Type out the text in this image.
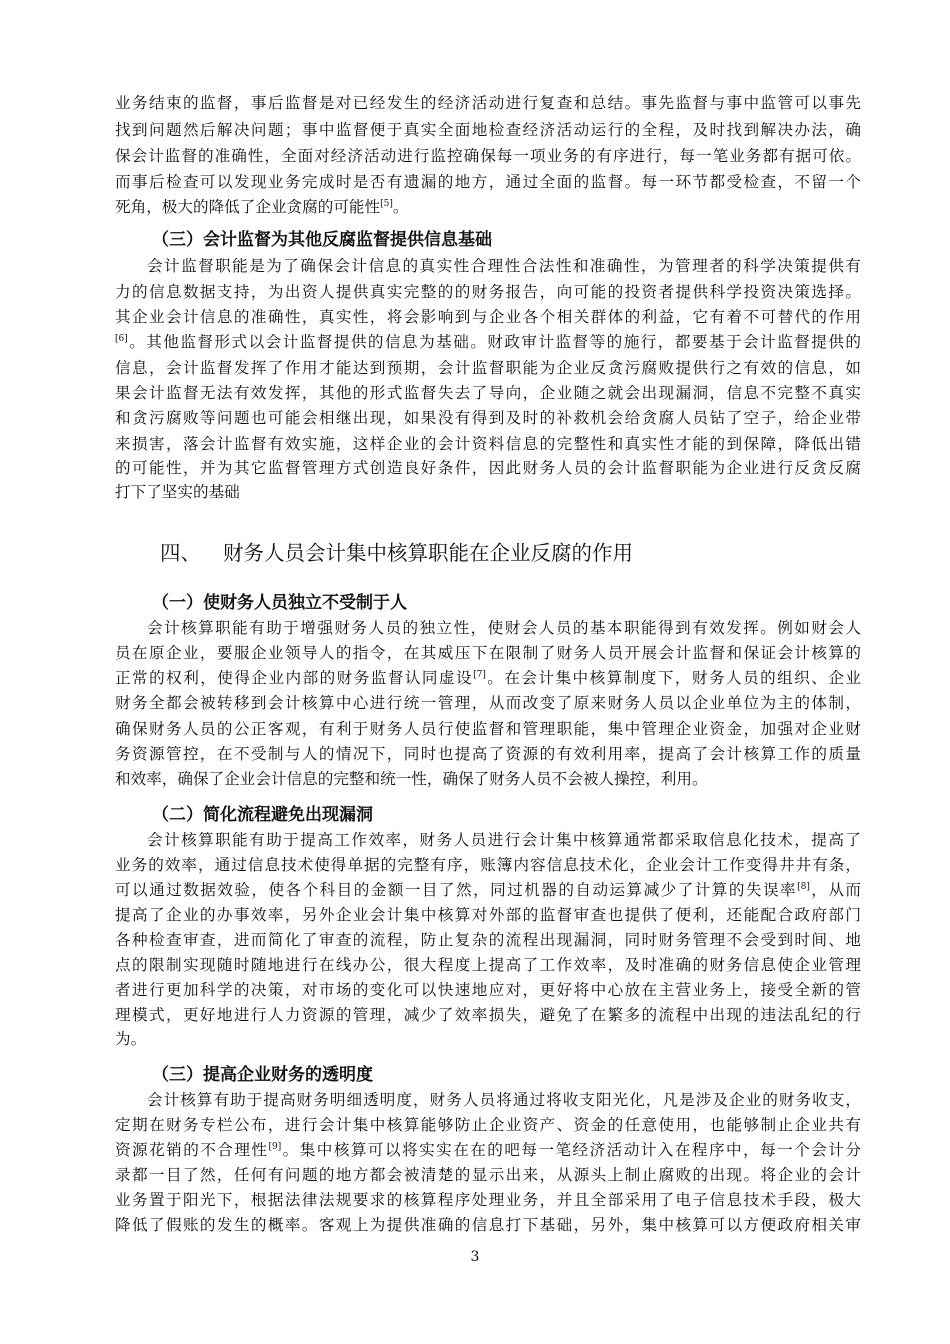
业务结束的监督，事后监督是对已经发生的经济活动进行复查和总结。事先监督与事中监管可以事先
找到问题然后解决问题；事中监督便于真实全面地检查经济活动运行的全程，及时找到解决办法，确
保会计监督的准确性，全面对经济活动进行监控确保每一项业务的有序进行，每一笔业务都有据可依。
而事后检查可以发现业务完成时是否有遗漏的地方，通过全面的监督。每一环节都受检查，不留一个
死角，极大的降低了企业贪腐的可能性[5]。
（三）会计监督为其他反腐监督提供信息基础
会计监督职能是为了确保会计信息的真实性合理性合法性和准确性，为管理者的科学决策提供有
力的信息数据支持，为出资人提供真实完整的的财务报告，向可能的投资者提供科学投资决策选择。
其企业会计信息的准确性，真实性，将会影响到与企业各个相关群体的利益，它有着不可替代的作用
[6]。其他监督形式以会计监督提供的信息为基础。财政审计监督等的施行，都要基于会计监督提供的
信息，会计监督发挥了作用才能达到预期，会计监督职能为企业反贪污腐败提供行之有效的信息，如
果会计监督无法有效发挥，其他的形式监督失去了导向，企业随之就会出现漏洞，信息不完整不真实
和贪污腐败等问题也可能会相继出现，如果没有得到及时的补救机会给贪腐人员钻了空子，给企业带
来损害，落会计监督有效实施，这样企业的会计资料信息的完整性和真实性才能的到保障，降低出错
的可能性，并为其它监督管理方式创造良好条件，因此财务人员的会计监督职能为企业进行反贪反腐
打下了坚实的基础
四、 财务人员会计集中核算职能在企业反腐的作用
（一）使财务人员独立不受制于人
会计核算职能有助于增强财务人员的独立性，使财会人员的基本职能得到有效发挥。例如财会人
员在原企业，要服企业领导人的指令，在其威压下在限制了财务人员开展会计监督和保证会计核算的
正常的权利，使得企业内部的财务监督认同虚设[7]。在会计集中核算制度下，财务人员的组织、企业
财务全都会被转移到会计核算中心进行统一管理，从而改变了原来财务人员以企业单位为主的体制，
确保财务人员的公正客观，有利于财务人员行使监督和管理职能，集中管理企业资金，加强对企业财
务资源管控，在不受制与人的情况下，同时也提高了资源的有效利用率，提高了会计核算工作的质量
和效率，确保了企业会计信息的完整和统一性，确保了财务人员不会被人操控，利用。
（二）简化流程避免出现漏洞
会计核算职能有助于提高工作效率，财务人员进行会计集中核算通常都采取信息化技术，提高了
业务的效率，通过信息技术使得单据的完整有序，账簿内容信息技术化，企业会计工作变得井井有条，
可以通过数据效验，使各个科目的金额一目了然，同过机器的自动运算减少了计算的失误率[8]，从而
提高了企业的办事效率，另外企业会计集中核算对外部的监督审查也提供了便利，还能配合政府部门
各种检查审查，进而简化了审查的流程，防止复杂的流程出现漏洞，同时财务管理不会受到时间、地
点的限制实现随时随地进行在线办公，很大程度上提高了工作效率，及时准确的财务信息使企业管理
者进行更加科学的决策，对市场的变化可以快速地应对，更好将中心放在主营业务上，接受全新的管
理模式，更好地进行人力资源的管理，减少了效率损失，避免了在繁多的流程中出现的违法乱纪的行
为。
（三）提高企业财务的透明度
会计核算有助于提高财务明细透明度，财务人员将通过将收支阳光化，凡是涉及企业的财务收支，
定期在财务专栏公布，进行会计集中核算能够防止企业资产、资金的任意使用，也能够制止企业共有
资源花销的不合理性[9]。集中核算可以将实实在在的吧每一笔经济活动计入在程序中，每一个会计分
录都一目了然，任何有问题的地方都会被清楚的显示出来，从源头上制止腐败的出现。将企业的会计
业务置于阳光下，根据法律法规要求的核算程序处理业务，并且全部采用了电子信息技术手段，极大
降低了假账的发生的概率。客观上为提供准确的信息打下基础，另外，集中核算可以方便政府相关审
3
